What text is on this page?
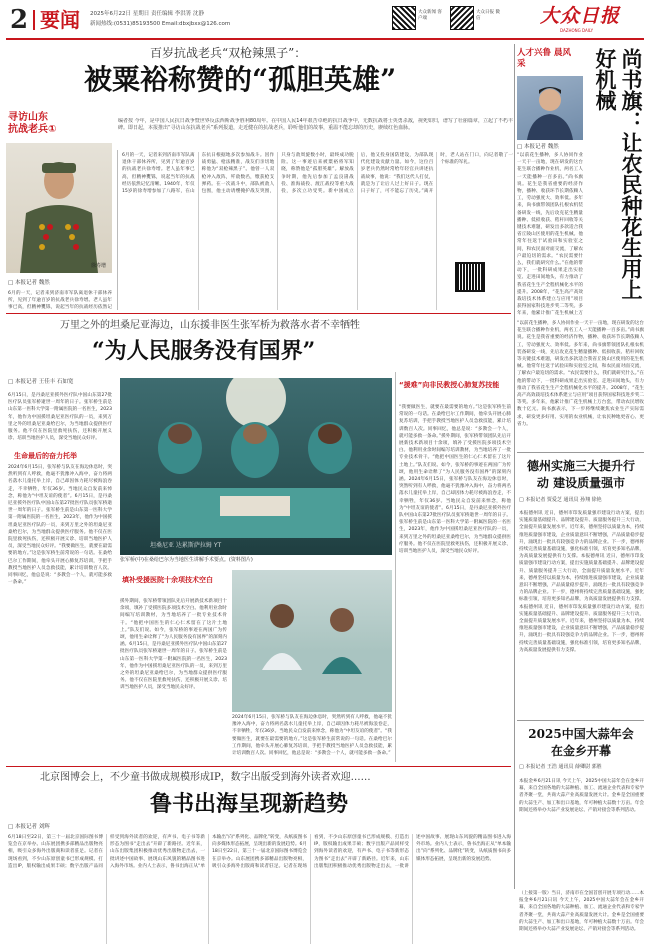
2 要闻 2025年6月22日 星期日 责任编辑 李洪箐 沈静
新闻热线:(0531)85193500 Email:dbxjbxx@126.com
大众新闻 客户端
大众日报 微信	大众日报
DAZHONG DAILY
百岁抗战老兵“双枪辣黑子”：
被粟裕称赞的“孤胆英雄”
寻访山东
抗战老兵①
编者按 今年，是中国人民抗日战争暨世界反法西斯战争胜利80周年。在中国人民14年艰苦卓绝的抗日战争中，无数抗战将士英勇杀敌，视死如归，谱写了壮丽篇章，立起了不朽丰碑。即日起，本报推出“寻访山东抗战老兵”系列报道，走近健在的抗战老兵，聆听他们的故事，重温不能忘却的历史，赓续红色血脉。
徐寿增
□ 本报记者 魏然
6月的一天，记者来到济南市军队离退休干部休养所，见到了年逾百岁的抗战老兵徐寿增。老人虽年事已高，但精神矍铄，说起当年的抗战经历依然记
6月的一天，记者来到济南市军队离退休干部休养所，见到了年逾百岁的抗战老兵徐寿增。老人虽年事已高，但精神矍铄，说起当年的抗战经历依然记忆清晰。1940年，年仅15岁的徐寿增参加了八路军，在山东抗日根据地多次参加战斗。因作战勇猛、枪法精准，战友们亲切地称他为“双枪辣黑子”。他曾一人双枪冲入敌阵，歼敌数名，缴获枪支弹药。在一次战斗中，部队被敌人包围，他主动请缨掩护战友突围，只身与敌周旋数小时，最终成功脱险。这一事迹后来被粟裕将军知晓，称赞他是“孤胆英雄”。解放战争时期，他先后参加了孟良崮战役、淮海战役、渡江战役等重大战役，多次立功受奖。新中国成立后，他又投身国防建设，为部队现代化建设贡献力量。如今，这位百岁老兵仍然时常给年轻官兵讲述抗战故事，他说：“我们这代人打仗，就是为了让后人过上好日子。现在日子好了，可不能忘了历史。”离开时，老人站在门口，向记者敬了一个标准的军礼。
人才兴鲁 晨风采	尚书旗：让农民种花生用上好机械
□ 本报记者 魏然
“以前花生播种，多人协同作业一天干一亩地，现在研发的这台花生联合播种作业机，两名工人一天能播种一百多亩。”尚书旗说。花生是我省重要的经济作物，播种、收获环节长期依赖人工，劳动强度大、效率低。多年来，尚书旗带领团队扎根农机装备研发一线，先后攻克花生精量播种、低损收获、秸秆回收等关键技术难题，研发出多款适合我省丘陵山区使用的花生机械。他常年往返于试验田和实验室之间，和农民面对面交流，了解农户最迫切的需求。“农民需要什么，我们就研究什么。”在他的带动下，一批科研成果走出实验室、走进田间地头，有力推动了我省花生生产全程机械化水平的提升。2008年，“花生高产高效栽培技术体系建立与应用”项目获得国家科技进步奖二等奖。多年来，他累计推广花生机械上万
“以前花生播种，多人协同作业一天干一亩地，现在研发的这台花生联合播种作业机，两名工人一天能播种一百多亩。”尚书旗说。花生是我省重要的经济作物，播种、收获环节长期依赖人工，劳动强度大、效率低。多年来，尚书旗带领团队扎根农机装备研发一线，先后攻克花生精量播种、低损收获、秸秆回收等关键技术难题，研发出多款适合我省丘陵山区使用的花生机械。他常年往返于试验田和实验室之间，和农民面对面交流，了解农户最迫切的需求。“农民需要什么，我们就研究什么。”在他的带动下，一批科研成果走出实验室、走进田间地头，有力推动了我省花生生产全程机械化水平的提升。2008年，“花生高产高效栽培技术体系建立与应用”项目获得国家科技进步奖二等奖。多年来，他累计推广花生机械上万台套，带动农民增收数十亿元。尚书旗表示，下一步将继续聚焦农业生产实际需求，研发更多好用、实用的农业机械，让农民种地更省心、更省力。
万里之外的坦桑尼亚海边，山东援非医生张军桥为救落水者不幸牺牲
“为人民服务没有国界”
□ 本报记者 王佳丰 石如宽
6月15日，是丹桑尼亚援外医疗队中国山东第27批医疗队员张军桥逝世一周年的日子。张军桥生前是山东第一医科大学第一附属医院的一名医生，2023年，他作为中国援坦桑尼亚医疗队的一员，来到万里之外的坦桑尼亚桑给巴尔，为当地群众提供医疗服务。他不仅在医院里救死扶伤，还积极开展义诊、培训当地医护人员，深受当地民众好评。
生命最后的奋力托举
2024年6月15日，张军桥与队友在海边休息时，突然听到有人呼救，他毫不犹豫冲入海中，奋力将两名落水儿童托举上岸，自己却因体力耗尽被海浪卷走，不幸牺牲，年仅36岁。当地民众自发前来悼念，称他为“中坦友谊的使者”。6月15日，是丹桑尼亚援外医疗队中国山东第27批医疗队员张军桥逝世一周年的日子。张军桥生前是山东第一医科大学第一附属医院的一名医生，2023年，他作为中国援坦桑尼亚医疗队的一员，来到万里之外的坦桑尼亚桑给巴尔，为当地群众提供医疗服务。他不仅在医院里救死扶伤，还积极开展义诊、培训当地医护人员，深受当地民众好评。“我要做医生，就要在最需要的地方。”这是张军桥生前常说的一句话。在桑给巴尔工作期间，他牵头开展心肺复苏培训，手把手教授当地医护人员急救技能，累计培训数百人次。同事回忆，他总是说：“多教会一个人，就可能多救一条命。”
坦桑尼亚 达累斯萨拉姆 YT
张军桥(中)在桑给巴尔为当地医生讲解手术要点。(资料图片)
“援难”向非民教授心肺复苏技能
“我要做医生，就要在最需要的地方。”这是张军桥生前常说的一句话。在桑给巴尔工作期间，他牵头开展心肺复苏培训，手把手教授当地医护人员急救技能，累计培训数百人次。同事回忆，他总是说：“多教会一个人，就可能多救一条命。”援外期间，张军桥带领团队先后开展新技术新项目十余项，填补了受援医院多项技术空白。他利用业余时间编写培训教材，为当地培养了一批专业技术骨干。“他把中国医生的仁心仁术留在了这片土地上。”队友们说。如今，张军桥的事迹在两国广为传颂，他用生命诠释了“为人民服务没有国界”的深刻内涵。2024年6月15日，张军桥与队友在海边休息时，突然听到有人呼救，他毫不犹豫冲入海中，奋力将两名落水儿童托举上岸，自己却因体力耗尽被海浪卷走，不幸牺牲，年仅36岁。当地民众自发前来悼念，称他为“中坦友谊的使者”。6月15日，是丹桑尼亚援外医疗队中国山东第27批医疗队员张军桥逝世一周年的日子。张军桥生前是山东第一医科大学第一附属医院的一名医生，2023年，他作为中国援坦桑尼亚医疗队的一员，来到万里之外的坦桑尼亚桑给巴尔，为当地群众提供医疗服务。他不仅在医院里救死扶伤，还积极开展义诊、培训当地医护人员，深受当地民众好评。
填补受援医院十余项技术空白
援外期间，张军桥带领团队先后开展新技术新项目十余项，填补了受援医院多项技术空白。他利用业余时间编写培训教材，为当地培养了一批专业技术骨干。“他把中国医生的仁心仁术留在了这片土地上。”队友们说。如今，张军桥的事迹在两国广为传颂，他用生命诠释了“为人民服务没有国界”的深刻内涵。6月15日，是丹桑尼亚援外医疗队中国山东第27批医疗队员张军桥逝世一周年的日子。张军桥生前是山东第一医科大学第一附属医院的一名医生，2023年，他作为中国援坦桑尼亚医疗队的一员，来到万里之外的坦桑尼亚桑给巴尔，为当地群众提供医疗服务。他不仅在医院里救死扶伤，还积极开展义诊、培训当地医护人员，深受当地民众好评。
2024年6月15日，张军桥与队友在海边休息时，突然听到有人呼救，他毫不犹豫冲入海中，奋力将两名落水儿童托举上岸，自己却因体力耗尽被海浪卷走，不幸牺牲，年仅36岁。当地民众自发前来悼念，称他为“中坦友谊的使者”。“我要做医生，就要在最需要的地方。”这是张军桥生前常说的一句话。在桑给巴尔工作期间，他牵头开展心肺复苏培训，手把手教授当地医护人员急救技能，累计培训数百人次。同事回忆，他总是说：“多教会一个人，就可能多救一条命。”
德州实施三大提升行动 建设质量强市
□ 本报记者 贾爱芝 通讯员 孙翔 徐艳
本报德州讯 近日，德州市印发质量强市建设行动方案，提出实施质量基础提升、品牌建设提升、质量服务提升三大行动，全面提升质量发展水平。近年来，德州坚持以质量为本，持续推进质量强市建设，企业质量意识不断增强，产品质量稳步提升，涌现出一批具有较强竞争力的品牌企业。下一步，德州将持续完善质量基础设施，强化标准引领，培育更多知名品牌，为高质量发展提供有力支撑。本报德州讯 近日，德州市印发质量强市建设行动方案，提出实施质量基础提升、品牌建设提升、质量服务提升三大行动，全面提升质量发展水平。近年来，德州坚持以质量为本，持续推进质量强市建设，企业质量意识不断增强，产品质量稳步提升，涌现出一批具有较强竞争力的品牌企业。下一步，德州将持续完善质量基础设施，强化标准引领，培育更多知名品牌，为高质量发展提供有力支撑。本报德州讯 近日，德州市印发质量强市建设行动方案，提出实施质量基础提升、品牌建设提升、质量服务提升三大行动，全面提升质量发展水平。近年来，德州坚持以质量为本，持续推进质量强市建设，企业质量意识不断增强，产品质量稳步提升，涌现出一批具有较强竞争力的品牌企业。下一步，德州将持续完善质量基础设施，强化标准引领，培育更多知名品牌，为高质量发展提供有力支撑。
2025中国大蒜年会 在金乡开幕
□ 本报记者 王浩 通讯员 薛卿尉 郭胜
本报金乡6月21日讯 今天上午，2025中国大蒜年会在金乡开幕，来自全国各地的大蒜种植、加工、流通企业代表和专家学者齐聚一堂，共商大蒜产业高质量发展大计。金乡是全国重要的大蒜生产、加工和出口基地，年可种植大蒜数十万亩。年会期间还将举办大蒜产业发展论坛、产销对接会等系列活动。
（上接第一版）当日，济南市在全国首创开展专项行动……本报金乡6月21日讯 今天上午，2025中国大蒜年会在金乡开幕，来自全国各地的大蒜种植、加工、流通企业代表和专家学者齐聚一堂，共商大蒜产业高质量发展大计。金乡是全国重要的大蒜生产、加工和出口基地，年可种植大蒜数十万亩。年会期间还将举办大蒜产业发展论坛、产销对接会等系列活动。
北京图博会上，不少童书做成规模形成IP，数字出版受到海外读者欢迎……
鲁书出海呈现新趋势
□ 本报记者 刘辉
6月18日至22日，第三十一届北京国际图书博览会在京举办。山东展团携多部精品出版物亮相，吸引众多海外出版商和读者驻足。记者在现场看到，不少山东原创童书已形成规模、打造出IP，版权输出成果丰硕；数字出版产品同样受到海外读者的欢迎，有声书、电子书等新形态为图书“走出去”开辟了新路径。近年来，山东出版集团积极推动优秀出版物走出去，一批讲述中国故事、展现山东风貌的精品图书进入海外市场。业内人士表示，鲁书出海正从“单本输出”向“系列化、品牌化”转变，从纸质图书向多媒体形态拓展，呈现出新的发展趋势。6月18日至22日，第三十一届北京国际图书博览会在京举办。山东展团携多部精品出版物亮相，吸引众多海外出版商和读者驻足。记者在现场看到，不少山东原创童书已形成规模、打造出IP，版权输出成果丰硕；数字出版产品同样受到海外读者的欢迎，有声书、电子书等新形态为图书“走出去”开辟了新路径。近年来，山东出版集团积极推动优秀出版物走出去，一批讲述中国故事、展现山东风貌的精品图书进入海外市场。业内人士表示，鲁书出海正从“单本输出”向“系列化、品牌化”转变，从纸质图书向多媒体形态拓展，呈现出新的发展趋势。
